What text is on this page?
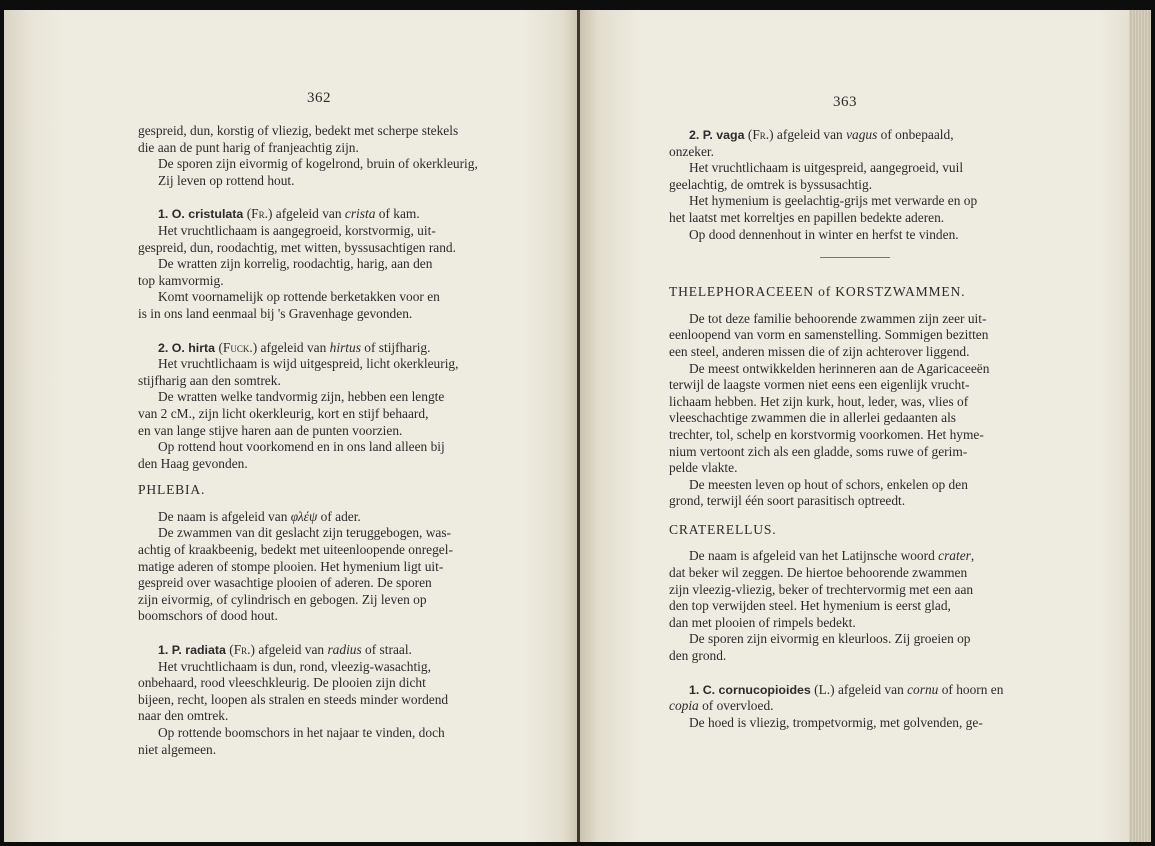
362

gespreid, dun, korstig of vliezig, bedekt met scherpe stekels

die aan de punt harig of franjeachtig zijn.

De sporen zijn eivormig of kogelrond, bruin of okerkleurig,

Zij leven op rottend hout.

1. O. cristulata (Fr.) afgeleid van crista of kam.

Het vruchtlichaam is aangegroeid, korstvormig, uit-

gespreid, dun, roodachtig, met witten, byssusachtigen rand.

De wratten zijn korrelig, roodachtig, harig, aan den

top kamvormig.

Komt voornamelijk op rottende berketakken voor en

is in ons land eenmaal bij 's Gravenhage gevonden.

2. O. hirta (Fuck.) afgeleid van hirtus of stijfharig.

Het vruchtlichaam is wijd uitgespreid, licht okerkleurig,

stijfharig aan den somtrek.

De wratten welke tandvormig zijn, hebben een lengte

van 2 cM., zijn licht okerkleurig, kort en stijf behaard,

en van lange stijve haren aan de punten voorzien.

Op rottend hout voorkomend en in ons land alleen bij

den Haag gevonden.

PHLEBIA.

De naam is afgeleid van φλέψ of ader.

De zwammen van dit geslacht zijn teruggebogen, was-

achtig of kraakbeenig, bedekt met uiteenloopende onregel-

matige aderen of stompe plooien. Het hymenium ligt uit-

gespreid over wasachtige plooien of aderen. De sporen

zijn eivormig, of cylindrisch en gebogen. Zij leven op

boomschors of dood hout.

1. P. radiata (Fr.) afgeleid van radius of straal.

Het vruchtlichaam is dun, rond, vleezig-wasachtig,

onbehaard, rood vleeschkleurig. De plooien zijn dicht

bijeen, recht, loopen als stralen en steeds minder wordend

naar den omtrek.

Op rottende boomschors in het najaar te vinden, doch

niet algemeen.

363

2. P. vaga (Fr.) afgeleid van vagus of onbepaald,

onzeker.

Het vruchtlichaam is uitgespreid, aangegroeid, vuil

geelachtig, de omtrek is byssusachtig.

Het hymenium is geelachtig-grijs met verwarde en op

het laatst met korreltjes en papillen bedekte aderen.

Op dood dennenhout in winter en herfst te vinden.

THELEPHORACEEEN of KORSTZWAMMEN.

De tot deze familie behoorende zwammen zijn zeer uit-

eenloopend van vorm en samenstelling. Sommigen bezitten

een steel, anderen missen die of zijn achterover liggend.

De meest ontwikkelden herinneren aan de Agaricaceeën

terwijl de laagste vormen niet eens een eigenlijk vrucht-

lichaam hebben. Het zijn kurk, hout, leder, was, vlies of

vleeschachtige zwammen die in allerlei gedaanten als

trechter, tol, schelp en korstvormig voorkomen. Het hyme-

nium vertoont zich als een gladde, soms ruwe of gerim-

pelde vlakte.

De meesten leven op hout of schors, enkelen op den

grond, terwijl één soort parasitisch optreedt.

CRATERELLUS.

De naam is afgeleid van het Latijnsche woord crater,

dat beker wil zeggen. De hiertoe behoorende zwammen

zijn vleezig-vliezig, beker of trechtervormig met een aan

den top verwijden steel. Het hymenium is eerst glad,

dan met plooien of rimpels bedekt.

De sporen zijn eivormig en kleurloos. Zij groeien op

den grond.

1. C. cornucopioides (L.) afgeleid van cornu of hoorn en

copia of overvloed.

De hoed is vliezig, trompetvormig, met golvenden, ge-
